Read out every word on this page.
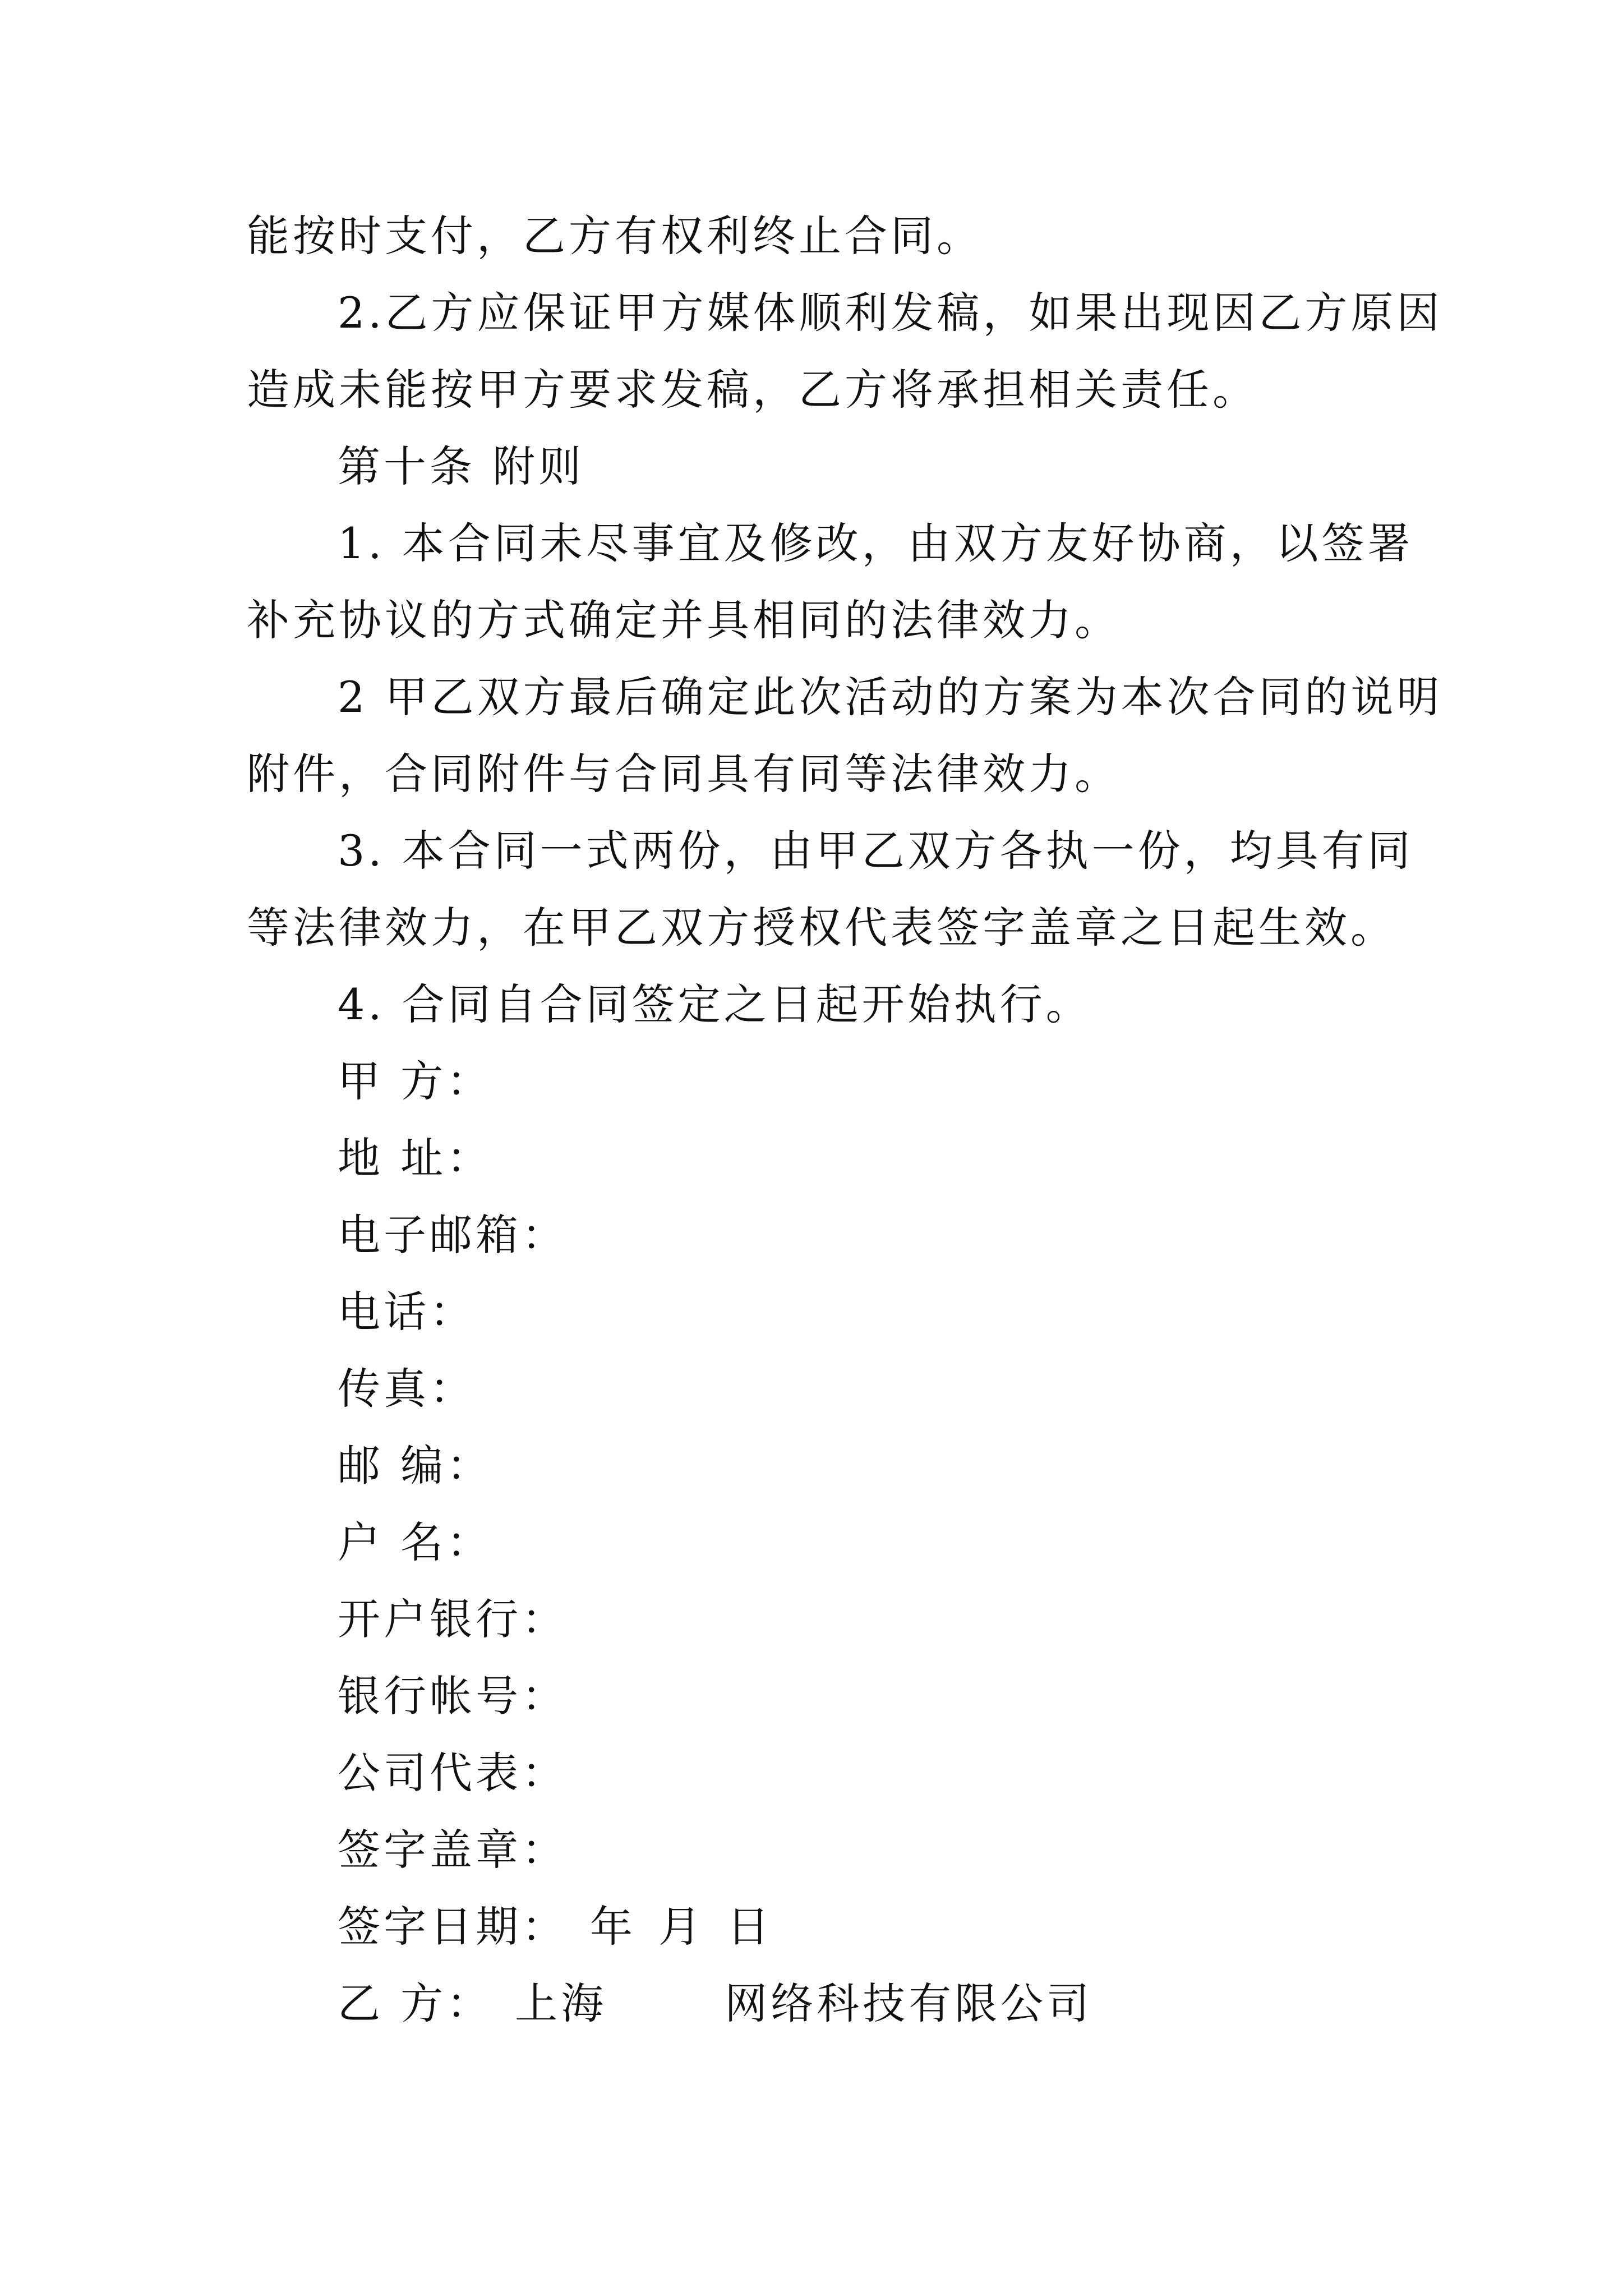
能按时支付，乙方有权利终止合同。
2.乙方应保证甲方媒体顺利发稿，如果出现因乙方原因
造成未能按甲方要求发稿，乙方将承担相关责任。
第十条 附则
1. 本合同未尽事宜及修改，由双方友好协商，以签署
补充协议的方式确定并具相同的法律效力。
2 甲乙双方最后确定此次活动的方案为本次合同的说明
附件，合同附件与合同具有同等法律效力。
3. 本合同一式两份，由甲乙双方各执一份，均具有同
等法律效力，在甲乙双方授权代表签字盖章之日起生效。
4. 合同自合同签定之日起开始执行。
甲 方：
地 址：
电子邮箱：
电话：
传真：
邮 编：
户 名：
开户银行：
银行帐号：
公司代表：
签字盖章：
签字日期： 年 月 日
乙 方： 上海	网络科技有限公司
